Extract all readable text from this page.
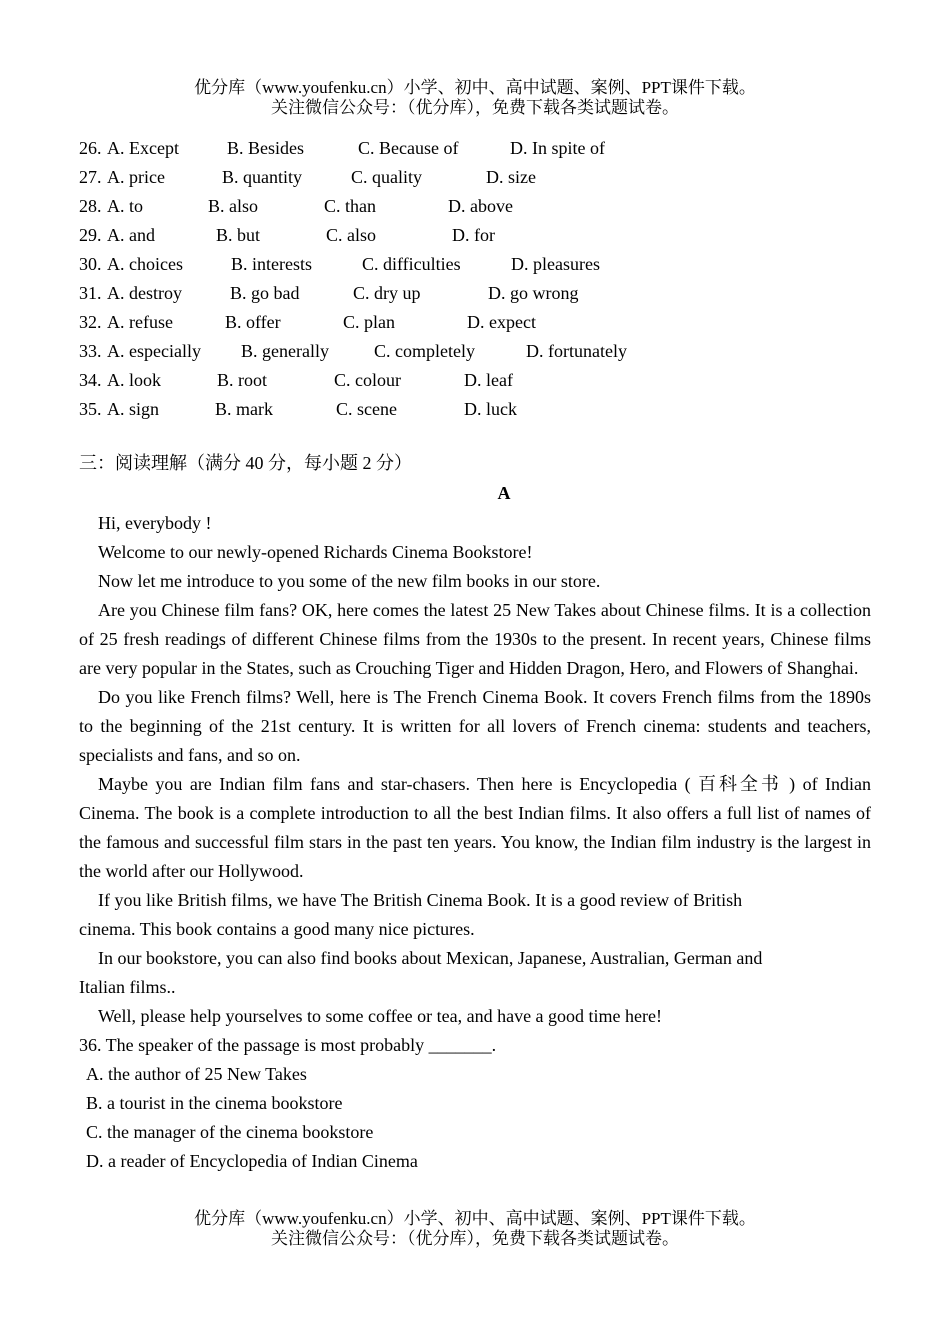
优分库（www.youfenku.cn）小学、初中、高中试题、案例、PPT课件下载。
关注微信公众号：（优分库），免费下载各类试题试卷。
26. A. Except	B. Besides	C. Because of	D. In spite of
27. A. price	B. quantity	C. quality	D. size
28. A. to	B. also	C. than	D. above
29. A. and	B. but	C. also	D. for
30. A. choices	B. interests	C. difficulties	D. pleasures
31. A. destroy	B. go bad	C. dry up	D. go wrong
32. A. refuse	B. offer	C. plan	D. expect
33. A. especially B. generally	C. completely	D. fortunately
34. A. look	B. root	C. colour	D. leaf
35. A. sign	B. mark	C. scene	D. luck
三：阅读理解（满分 40 分，每小题 2 分）
A

Hi, everybody !

Welcome to our newly-opened Richards Cinema Bookstore!

Now let me introduce to you some of the new film books in our store.

Are you Chinese film fans? OK, here comes the latest 25 New Takes about Chinese films. It is a collection of 25 fresh readings of different Chinese films from the 1930s to the present. In recent years, Chinese films are very popular in the States, such as Crouching Tiger and Hidden Dragon, Hero, and Flowers of Shanghai.

Do you like French films? Well, here is The French Cinema Book. It covers French films from the 1890s to the beginning of the 21st century. It is written for all lovers of French cinema: students and teachers, specialists and fans, and so on.

Maybe you are Indian film fans and star-chasers. Then here is Encyclopedia ( 百科全书 ) of Indian Cinema. The book is a complete introduction to all the best Indian films. It also offers a full list of names of the famous and successful film stars in the past ten years. You know, the Indian film industry is the largest in the world after our Hollywood.

If you like British films, we have The British Cinema Book. It is a good review of British cinema. This book contains a good many nice pictures.

In our bookstore, you can also find books about Mexican, Japanese, Australian, German and Italian films..

Well, please help yourselves to some coffee or tea, and have a good time here!

36. The speaker of the passage is most probably _______.

A. the author of 25 New Takes

B. a tourist in the cinema bookstore

C. the manager of the cinema bookstore

D. a reader of Encyclopedia of Indian Cinema

优分库（www.youfenku.cn）小学、初中、高中试题、案例、PPT课件下载。
关注微信公众号：（优分库），免费下载各类试题试卷。
